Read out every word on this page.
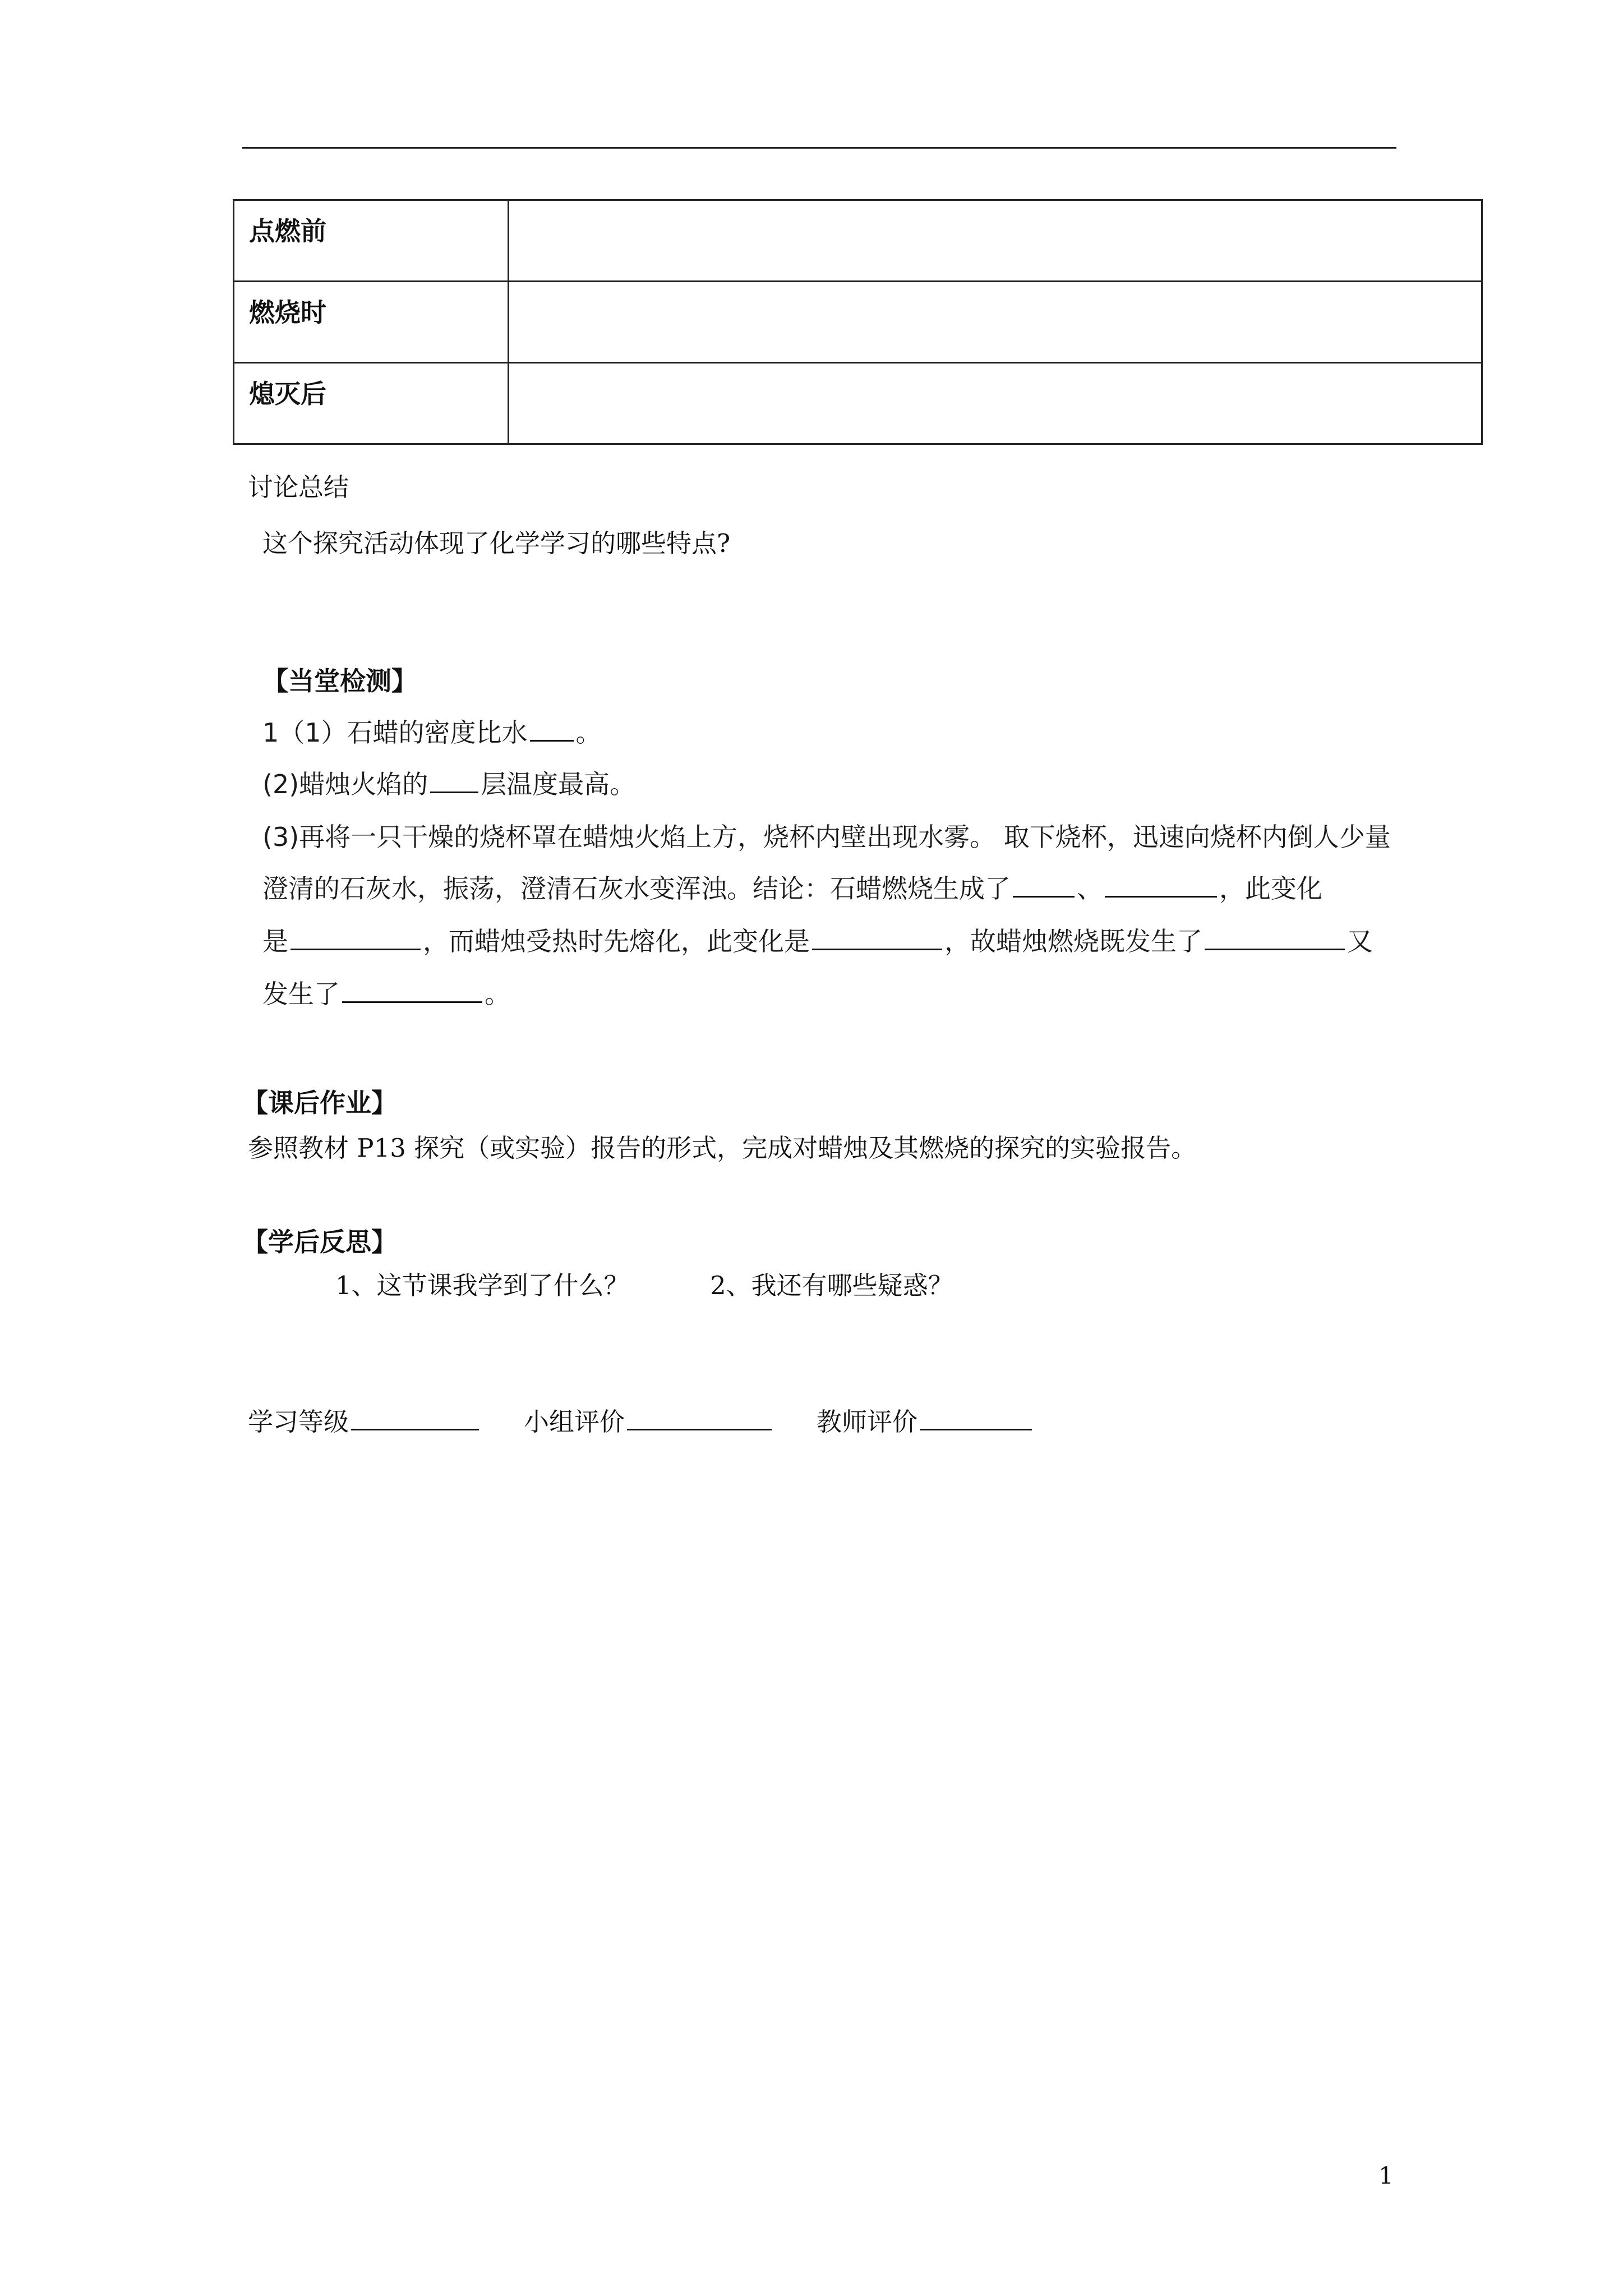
点燃前	
燃烧时	
熄灭后	
讨论总结
这个探究活动体现了化学学习的哪些特点?
【当堂检测】
1（1）石蜡的密度比水 。
(2)蜡烛火焰的 层温度最高。
(3)再将一只干燥的烧杯罩在蜡烛火焰上方，烧杯内壁出现水雾。 取下烧杯，迅速向烧杯内倒人少量
澄清的石灰水，振荡，澄清石灰水变浑浊。结论：石蜡燃烧生成了	、	，此变化
是	，而蜡烛受热时先熔化，此变化是	，故蜡烛燃烧既发生了	又
发生了	。
【课后作业】
参照教材 P13 探究（或实验）报告的形式，完成对蜡烛及其燃烧的探究的实验报告。
【学后反思】
1、这节课我学到了什么？	2、我还有哪些疑惑？
学习等级	小组评价	教师评价
1
